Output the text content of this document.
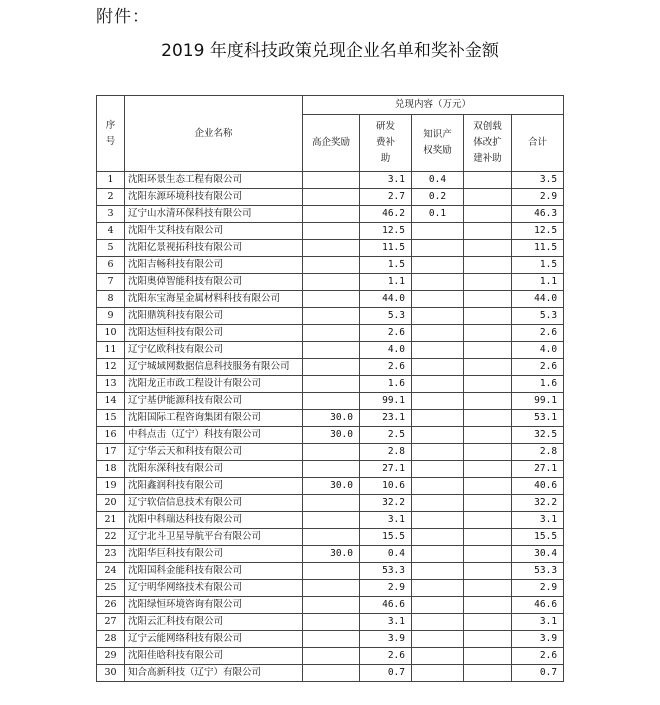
附件：
2019 年度科技政策兑现企业名单和奖补金额
序号	企业名称	兑现内容（万元）				
		高企奖励	研发费补助	知识产权奖励	双创载体改扩建补助	合计
1	沈阳环景生态工程有限公司		3.1	0.4		3.5
2	沈阳东源环境科技有限公司		2.7	0.2		2.9
3	辽宁山水清环保科技有限公司		46.2	0.1		46.3
4	沈阳牛艾科技有限公司		12.5			12.5
5	沈阳亿景视拓科技有限公司		11.5			11.5
6	沈阳吉畅科技有限公司		1.5			1.5
7	沈阳奥倬智能科技有限公司		1.1			1.1
8	沈阳东宝海星金属材料科技有限公司		44.0			44.0
9	沈阳鼎筑科技有限公司		5.3			5.3
10	沈阳达恒科技有限公司		2.6			2.6
11	辽宁亿欧科技有限公司		4.0			4.0
12	辽宁城域网数据信息科技服务有限公司		2.6			2.6
13	沈阳龙正市政工程设计有限公司		1.6			1.6
14	辽宁基伊能源科技有限公司		99.1			99.1
15	沈阳国际工程咨询集团有限公司	30.0	23.1			53.1
16	中科点击（辽宁）科技有限公司	30.0	2.5			32.5
17	辽宁华云天和科技有限公司		2.8			2.8
18	沈阳东深科技有限公司		27.1			27.1
19	沈阳鑫润科技有限公司	30.0	10.6			40.6
20	辽宁软信信息技术有限公司		32.2			32.2
21	沈阳中科瑞达科技有限公司		3.1			3.1
22	辽宁北斗卫星导航平台有限公司		15.5			15.5
23	沈阳华巨科技有限公司	30.0	0.4			30.4
24	沈阳国科金能科技有限公司		53.3			53.3
25	辽宁明华网络技术有限公司		2.9			2.9
26	沈阳绿恒环境咨询有限公司		46.6			46.6
27	沈阳云汇科技有限公司		3.1			3.1
28	辽宁云能网络科技有限公司		3.9			3.9
29	沈阳佳晗科技有限公司		2.6			2.6
30	知合高新科技（辽宁）有限公司		0.7			0.7
